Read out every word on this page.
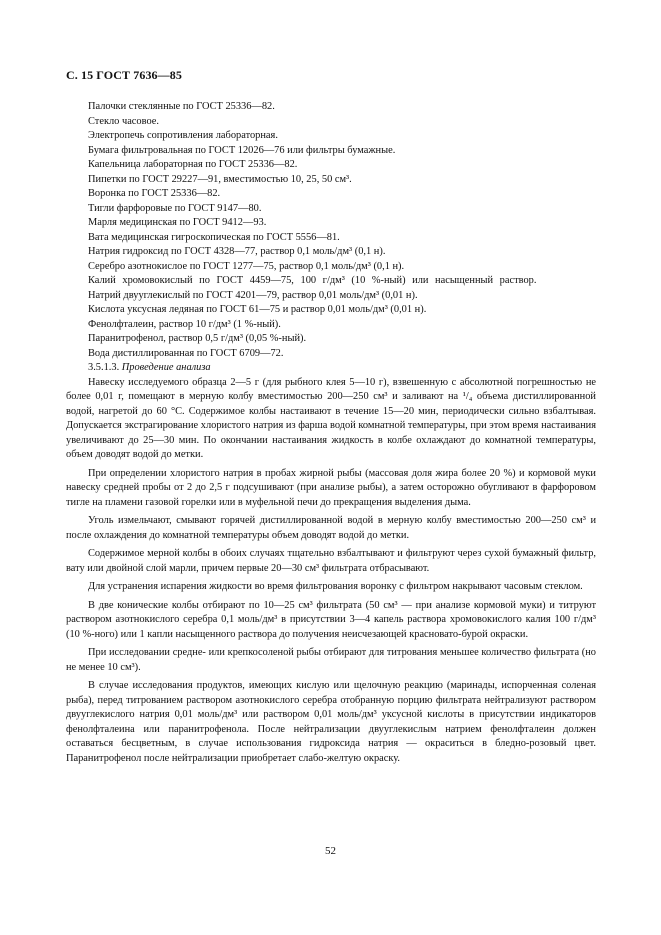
С. 15 ГОСТ 7636—85

Палочки стеклянные по ГОСТ 25336—82.

Стекло часовое.

Электропечь сопротивления лабораторная.

Бумага фильтровальная по ГОСТ 12026—76 или фильтры бумажные.

Капельница лабораторная по ГОСТ 25336—82.

Пипетки по ГОСТ 29227—91, вместимостью 10, 25, 50 см³.

Воронка по ГОСТ 25336—82.

Тигли фарфоровые по ГОСТ 9147—80.

Марля медицинская по ГОСТ 9412—93.

Вата медицинская гигроскопическая по ГОСТ 5556—81.

Натрия гидроксид по ГОСТ 4328—77, раствор 0,1 моль/дм³ (0,1 н).

Серебро азотнокислое по ГОСТ 1277—75, раствор 0,1 моль/дм³ (0,1 н).

Калий хромовокислый по ГОСТ 4459—75, 100 г/дм³ (10 %-ный) или насыщенный раствор.

Натрий двууглекислый по ГОСТ 4201—79, раствор 0,01 моль/дм³ (0,01 н).

Кислота уксусная ледяная по ГОСТ 61—75 и раствор 0,01 моль/дм³ (0,01 н).

Фенолфталеин, раствор 10 г/дм³ (1 %-ный).

Паранитрофенол, раствор 0,5 г/дм³ (0,05 %-ный).

Вода дистиллированная по ГОСТ 6709—72.

3.5.1.3. Проведение анализа

Навеску исследуемого образца 2—5 г (для рыбного клея 5—10 г), взвешенную с абсолютной погрешностью не более 0,01 г, помещают в мерную колбу вместимостью 200—250 см³ и заливают на ¹/₄ объема дистиллированной водой, нагретой до 60 °С. Содержимое колбы настаивают в течение 15—20 мин, периодически сильно взбалтывая. Допускается экстрагирование хлористого натрия из фарша водой комнатной температуры, при этом время настаивания увеличивают до 25—30 мин. По окончании настаивания жидкость в колбе охлаждают до комнатной температуры, объем доводят водой до метки.

При определении хлористого натрия в пробах жирной рыбы (массовая доля жира более 20 %) и кормовой муки навеску средней пробы от 2 до 2,5 г подсушивают (при анализе рыбы), а затем осторожно обугливают в фарфоровом тигле на пламени газовой горелки или в муфельной печи до прекращения выделения дыма.

Уголь измельчают, смывают горячей дистиллированной водой в мерную колбу вместимостью 200—250 см³ и после охлаждения до комнатной температуры объем доводят водой до метки.

Содержимое мерной колбы в обоих случаях тщательно взбалтывают и фильтруют через сухой бумажный фильтр, вату или двойной слой марли, причем первые 20—30 см³ фильтрата отбрасывают.

Для устранения испарения жидкости во время фильтрования воронку с фильтром накрывают часовым стеклом.

В две конические колбы отбирают по 10—25 см³ фильтрата (50 см³ — при анализе кормовой муки) и титруют раствором азотнокислого серебра 0,1 моль/дм³ в присутствии 3—4 капель раствора хромовокислого калия 100 г/дм³ (10 %-ного) или 1 капли насыщенного раствора до получения неисчезающей красновато-бурой окраски.

При исследовании средне- или крепкосоленой рыбы отбирают для титрования меньшее количество фильтрата (но не менее 10 см³).

В случае исследования продуктов, имеющих кислую или щелочную реакцию (маринады, испорченная соленая рыба), перед титрованием раствором азотнокислого серебра отобранную порцию фильтрата нейтрализуют раствором двууглекислого натрия 0,01 моль/дм³ или раствором 0,01 моль/дм³ уксусной кислоты в присутствии индикаторов фенолфталеина или паранитрофенола. После нейтрализации двууглекислым натрием фенолфталеин должен оставаться бесцветным, в случае использования гидроксида натрия — окраситься в бледно-розовый цвет. Паранитрофенол после нейтрализации приобретает слабо-желтую окраску.

52
